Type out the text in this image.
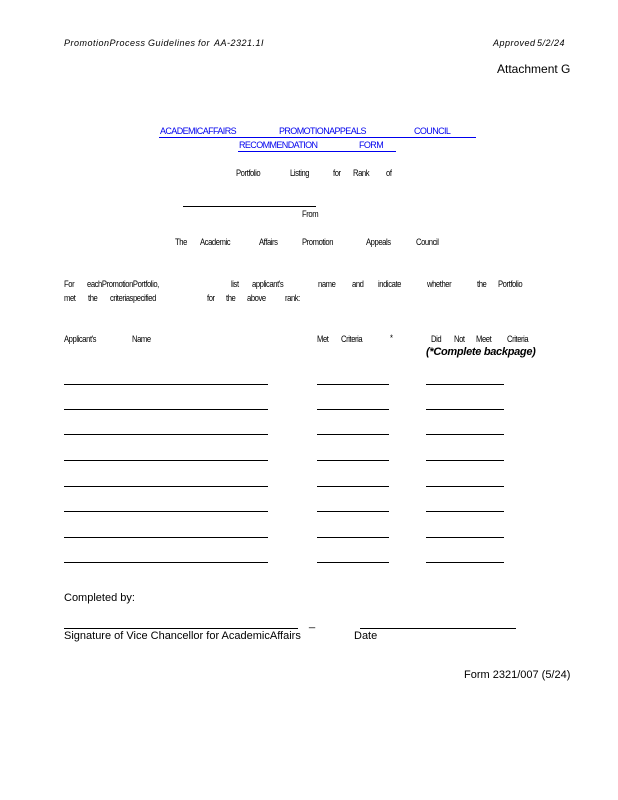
PromotionProcess Guidelines for AA-2321.1I	Approved 5/2/24
Attachment G
ACADEMICAFFAIRS	PROMOTIONAPPEALS	COUNCIL
RECOMMENDATION	FORM
Portfolio	Listing	for Rank of
From
The Academic	Affairs	Promotion	Appeals	Council
For eachPromotionPortfolio,	list applicant's	name and indicate	whether	the Portfolio
met the criteriaspecified	for the above rank:
Applicant's	Name	Met Criteria	*	Did Not Meet Criteria
(*Complete backpage)
Completed by:
_
Signature of Vice Chancellor for AcademicAffairs	Date
Form 2321/007 (5/24)
